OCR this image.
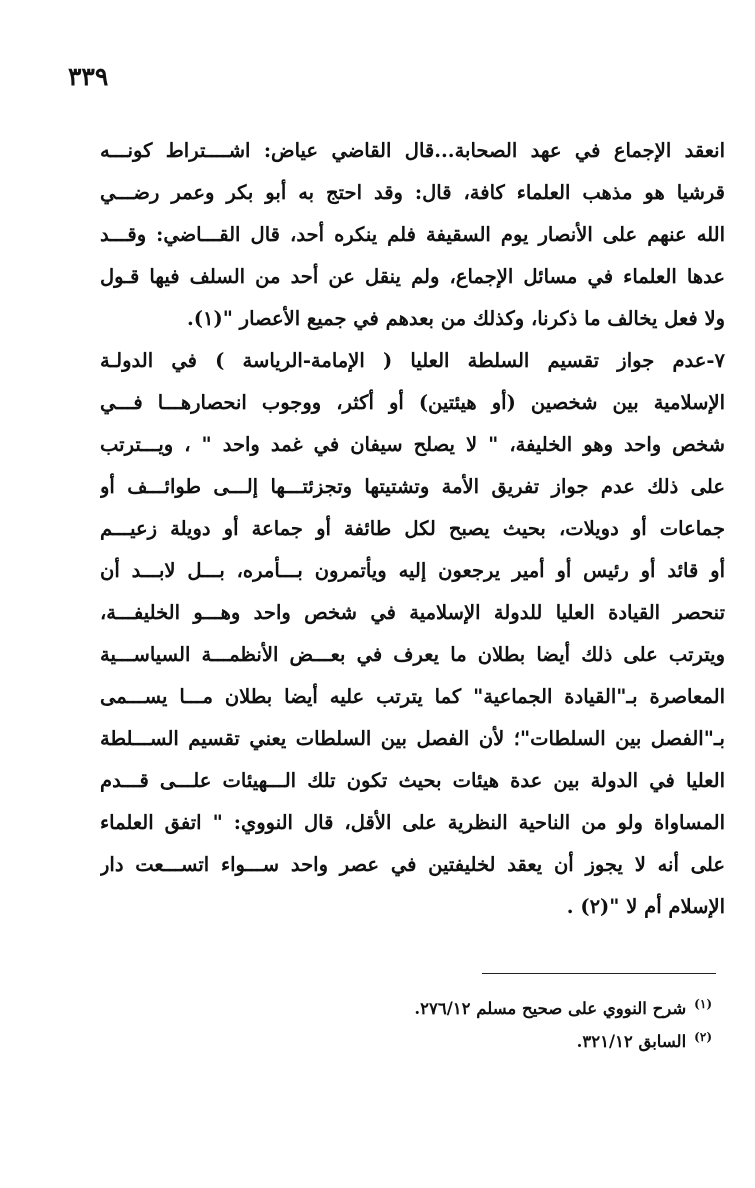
٣٣٩
انعقد الإجماع في عهد الصحابة...قال القاضي عياض: اشــــتراط كونـــه
قرشيا هو مذهب العلماء كافة، قال: وقد احتج به أبو بكر وعمر رضـــي
الله عنهم على الأنصار يوم السقيفة فلم ينكره أحد، قال القـــاضي: وقـــد
عدها العلماء في مسائل الإجماع، ولم ينقل عن أحد من السلف فيها قـول
ولا فعل يخالف ما ذكرنا، وكذلك من بعدهم في جميع الأعصار "(١).
٧-عدم جواز تقسيم السلطة العليا ( الإمامة-الرياسة ) في الدولـة
الإسلامية بين شخصين (أو هيئتين) أو أكثر، ووجوب انحصارهـــا فـــي
شخص واحد وهو الخليفة، " لا يصلح سيفان في غمد واحد " ، ويـــترتب
على ذلك عدم جواز تفريق الأمة وتشتيتها وتجزئتـــها إلـــى طوائـــف أو
جماعات أو دويلات، بحيث يصبح لكل طائفة أو جماعة أو دويلة زعيـــم
أو قائد أو رئيس أو أمير يرجعون إليه ويأتمرون بـــأمره، بـــل لابـــد أن
تنحصر القيادة العليا للدولة الإسلامية في شخص واحد وهـــو الخليفـــة،
ويترتب على ذلك أيضا بطلان ما يعرف في بعـــض الأنظمـــة السياســـية
المعاصرة بـ"القيادة الجماعية" كما يترتب عليه أيضا بطلان مـــا يســـمى
بـ"الفصل بين السلطات"؛ لأن الفصل بين السلطات يعني تقسيم الســـلطة
العليا في الدولة بين عدة هيئات بحيث تكون تلك الـــهيئات علـــى قـــدم
المساواة ولو من الناحية النظرية على الأقل، قال النووي: " اتفق العلماء
على أنه لا يجوز أن يعقد لخليفتين في عصر واحد ســـواء اتســـعت دار
الإسلام أم لا "(٢) .
$^{(١)}$شرح النووي على صحيح مسلم ٢٧٦/١٢.
$^{(٢)}$السابق ٣٢١/١٢.
